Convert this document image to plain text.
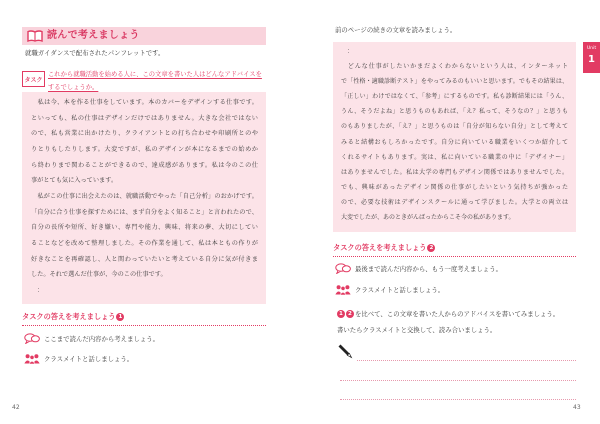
読んで考えましょう
就職ガイダンスで配布されたパンフレットです。
タスク
これから就職活動を始める人に、この文章を書いた人はどんなアドバイスを
するでしょうか。
　私は今、本を作る仕事をしています。本のカバーをデザインする仕事です。
といっても、私の仕事はデザインだけではありません。大きな会社ではない
ので、私も営業に出かけたり、クライアントとの打ち合わせや印刷所とのや
りとりもしたりします。大変ですが、私のデザインが本になるまでの始めか
ら終わりまで関わることができるので、達成感があります。私は今のこの仕
事がとても気に入っています。
　私がこの仕事に出会えたのは、就職活動でやった「自己分析」のおかげです。
「自分に合う仕事を探すためには、まず自分をよく知ること」と言われたので、
自分の長所や短所、好き嫌い、専門や能力、興味、将来の夢、大切にしてい
ることなどを改めて整理しました。その作業を通して、私は本ともの作りが
好きなことを再確認し、人と関わっていたいと考えている自分に気が付きま
した。それで選んだ仕事が、今のこの仕事です。
：
タスクの答えを考えましょう 1
ここまで読んだ内容から考えましょう。
クラスメイトと話しましょう。
42
前のページの続きの文章を読みましょう。
Unit
1
：
　どんな仕事がしたいかまだよくわからないという人は、インターネット
で「性格・適職診断テスト」をやってみるのもいいと思います。でもその結果は、
「正しい」わけではなくて、「参考」にするものです。私も診断結果には「うん、
うん、そうだよね」と思うものもあれば、「え？私って、そうなの？」と思うも
のもありましたが、「え？」と思うものは「自分が知らない自分」として考えて
みると結構おもしろかったです。自分に向いている職業をいくつか紹介して
くれるサイトもあります。実は、私に向いている職業の中に「デザイナー」
はありませんでした。私は大学の専門もデザイン関係ではありませんでした。
でも、興味があったデザイン関係の仕事がしたいという気持ちが強かった
ので、必要な技術はデザインスクールに通って学びました。大学との両立は
大変でしたが、あのときがんばったからこそ今の私があります。
タスクの答えを考えましょう 2
最後まで読んだ内容から、もう一度考えましょう。
クラスメイトと話しましょう。
1 2 を比べて、この文章を書いた人からのアドバイスを書いてみましょう。
書いたらクラスメイトと交換して、読み合いましょう。
43
